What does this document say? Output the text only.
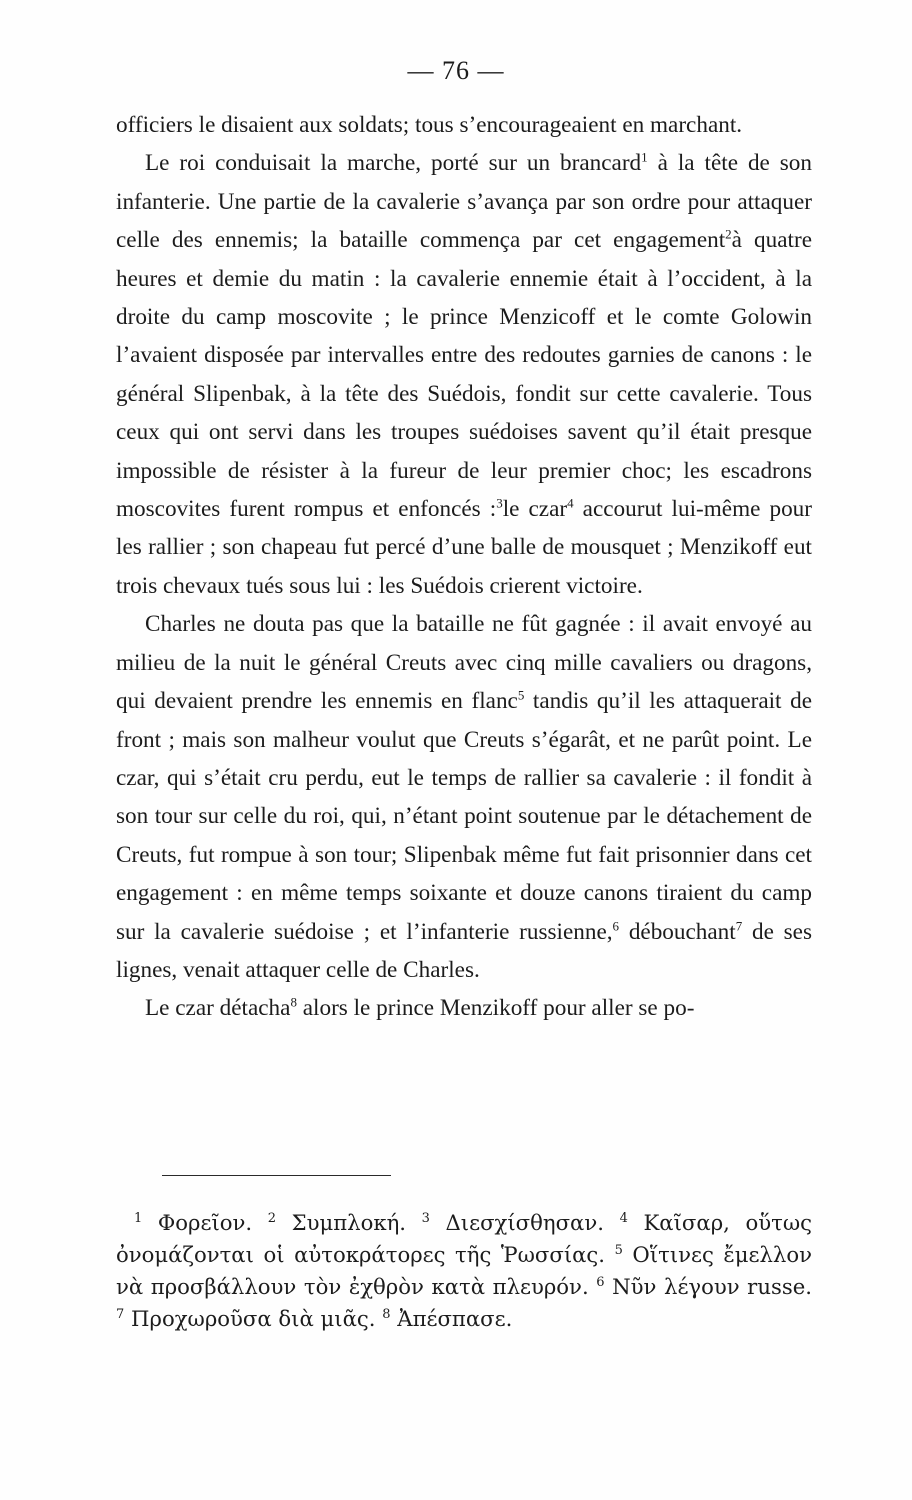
— 76 —

officiers le disaient aux soldats; tous s’encourageaient en marchant.

Le roi conduisait la marche, porté sur un brancard$^1$ à la tête de son infanterie. Une partie de la cavalerie s’avança par son ordre pour attaquer celle des ennemis; la bataille commença par cet engagement$^2$à quatre heures et demie du matin : la cavalerie ennemie était à l’occident, à la droite du camp moscovite ; le prince Menzicoff et le comte Golowin l’avaient disposée par intervalles entre des redoutes garnies de canons : le général Slipenbak, à la tête des Suédois, fondit sur cette cavalerie. Tous ceux qui ont servi dans les troupes suédoises savent qu’il était presque impossible de résister à la fureur de leur premier choc; les escadrons moscovites furent rompus et enfoncés :$^3$le czar$^4$ accourut lui-même pour les rallier ; son chapeau fut percé d’une balle de mousquet ; Menzikoff eut trois chevaux tués sous lui : les Suédois crierent victoire.

Charles ne douta pas que la bataille ne fût gagnée : il avait envoyé au milieu de la nuit le général Creuts avec cinq mille cavaliers ou dragons, qui devaient prendre les ennemis en flanc$^5$ tandis qu’il les attaquerait de front ; mais son malheur voulut que Creuts s’égarât, et ne parût point. Le czar, qui s’était cru perdu, eut le temps de rallier sa cavalerie : il fondit à son tour sur celle du roi, qui, n’étant point soutenue par le détachement de Creuts, fut rompue à son tour; Slipenbak même fut fait prisonnier dans cet engagement : en même temps soixante et douze canons tiraient du camp sur la cavalerie suédoise ; et l’infanterie russienne,$^6$ débouchant$^7$ de ses lignes, venait attaquer celle de Charles.

Le czar détacha$^8$ alors le prince Menzikoff pour aller se po-

$^1$ Φορεῖον. $^2$ Συμπλοκή. $^3$ Διεσχίσθησαν. $^4$ Καῖσαρ, οὕτως ὀνομάζονται οἱ αὐτοκράτορες τῆς Ῥωσσίας. $^5$ Οἵτινες ἔμελλον νὰ προσβάλλουν τὸν ἐχθρὸν κατὰ πλευρόν. $^6$ Νῦν λέγουν russe. $^7$ Προχωροῦσα διὰ μιᾶς. $^8$ Ἀπέσπασε.
